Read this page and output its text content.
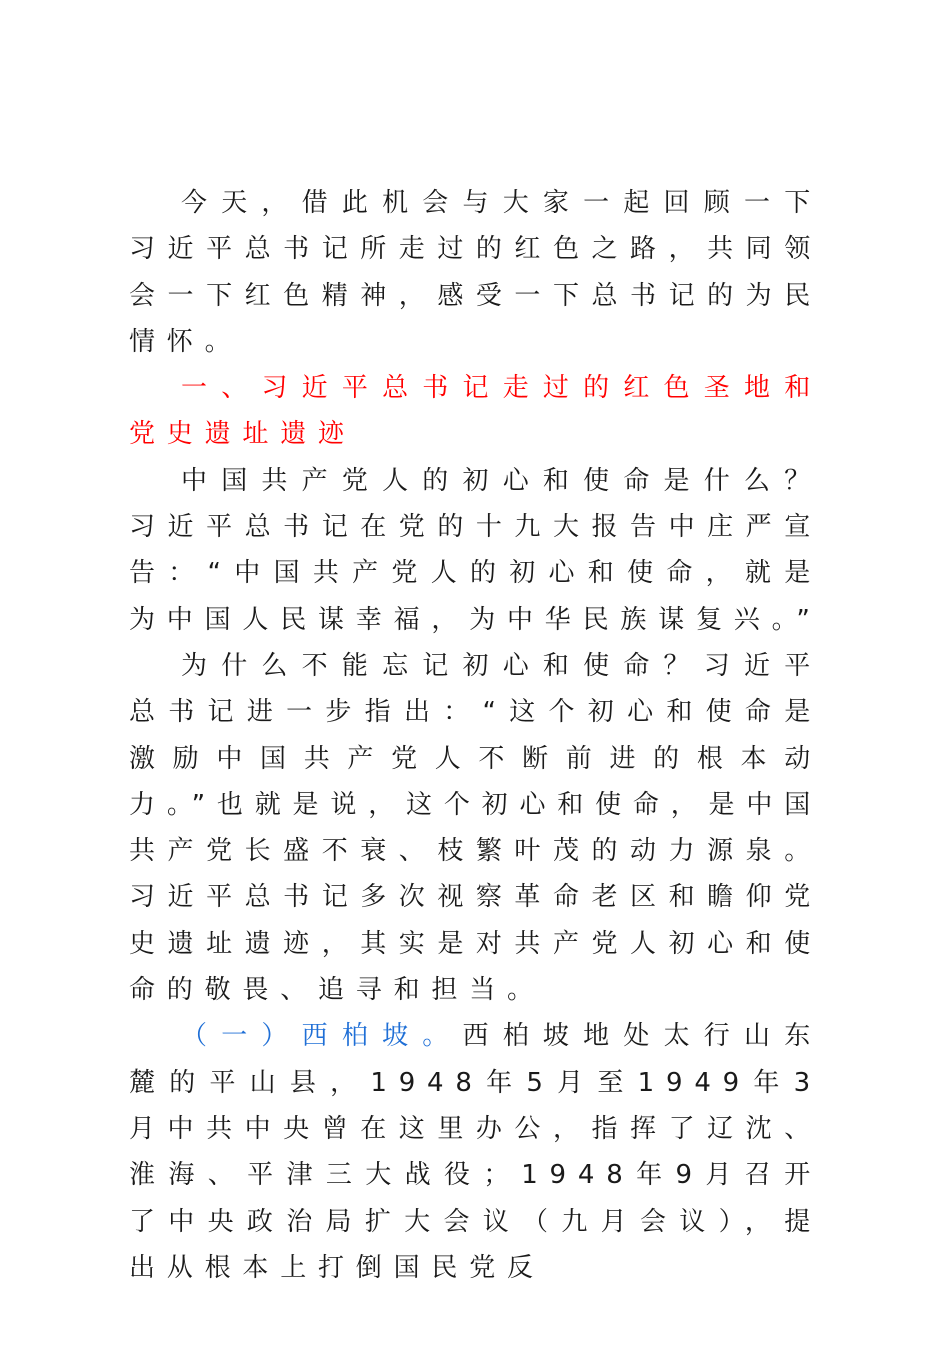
今天，借此机会与大家一起回顾一下习近平总书记所走过的红色之路，共同领会一下红色精神，感受一下总书记的为民情怀。

一、习近平总书记走过的红色圣地和党史遗址遗迹

中国共产党人的初心和使命是什么？习近平总书记在党的十九大报告中庄严宣告：“中国共产党人的初心和使命，就是为中国人民谋幸福，为中华民族谋复兴。”

为什么不能忘记初心和使命？习近平总书记进一步指出：“这个初心和使命是激励中国共产党人不断前进的根本动力。”也就是说，这个初心和使命，是中国共产党长盛不衰、枝繁叶茂的动力源泉。习近平总书记多次视察革命老区和瞻仰党史遗址遗迹，其实是对共产党人初心和使命的敬畏、追寻和担当。

（一）西柏坡。西柏坡地处太行山东麓的平山县，1948年5月至1949年3月中共中央曾在这里办公，指挥了辽沈、淮海、平津三大战役；1948年9月召开了中央政治局扩大会议（九月会议），提出从根本上打倒国民党反
